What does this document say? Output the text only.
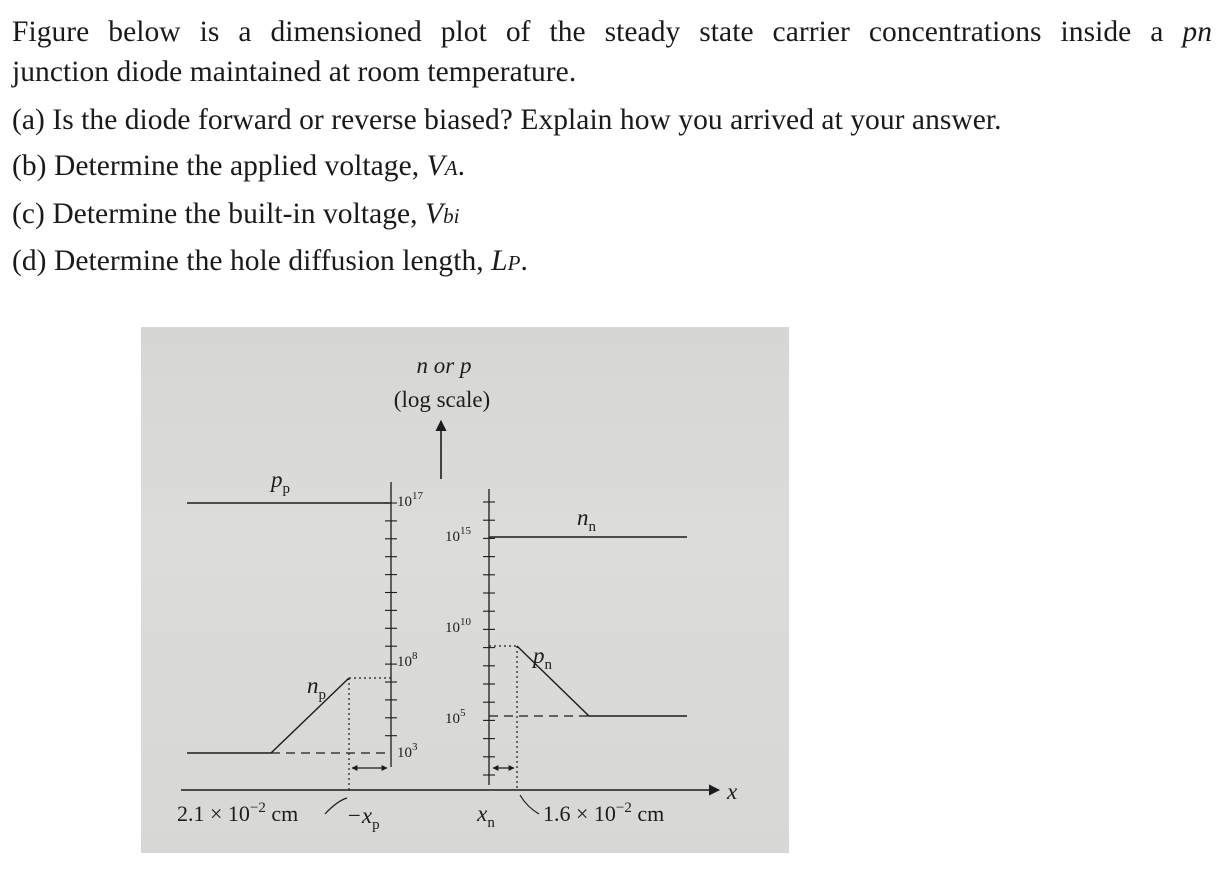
Figure below is a dimensioned plot of the steady state carrier concentrations inside a pn
junction diode maintained at room temperature.
(a) Is the diode forward or reverse biased? Explain how you arrived at your answer.
(b) Determine the applied voltage, VA.
(c) Determine the built-in voltage, Vbi
(d) Determine the hole diffusion length, LP.
n or p
(log scale)
x
$10^{17}$
$10^8$
$10^3$
$10^{15}$
$10^{10}$
$10^5$
$p_p$
$n_n$
$n_p$
$p_n$
$-x_p$	$x_n$
$2.1 \times 10^{-2}$ cm	$1.6 \times 10^{-2}$ cm
